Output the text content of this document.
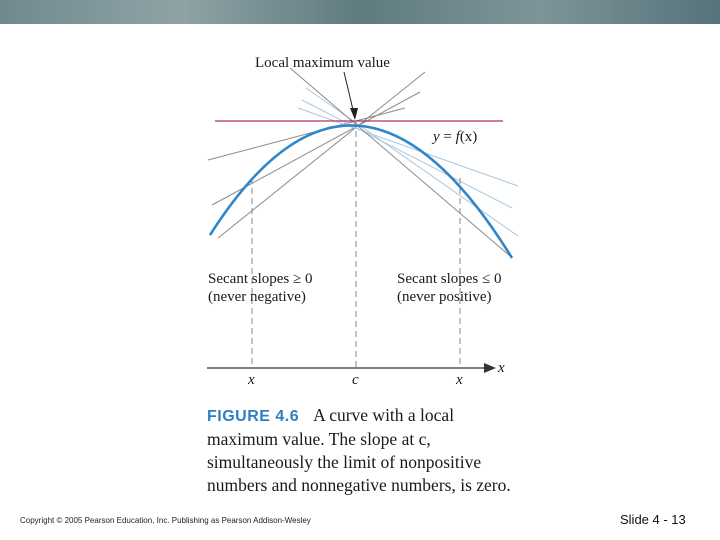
Local maximum value
y = f(x)
Secant slopes ≥ 0
(never negative)
Secant slopes ≤ 0
(never positive)
x
x	c	x
FIGURE 4.6 A curve with a local
maximum value. The slope at c,
simultaneously the limit of nonpositive
numbers and nonnegative numbers, is zero.
Copyright © 2005 Pearson Education, Inc. Publishing as Pearson Addison-Wesley	Slide 4 - 13
